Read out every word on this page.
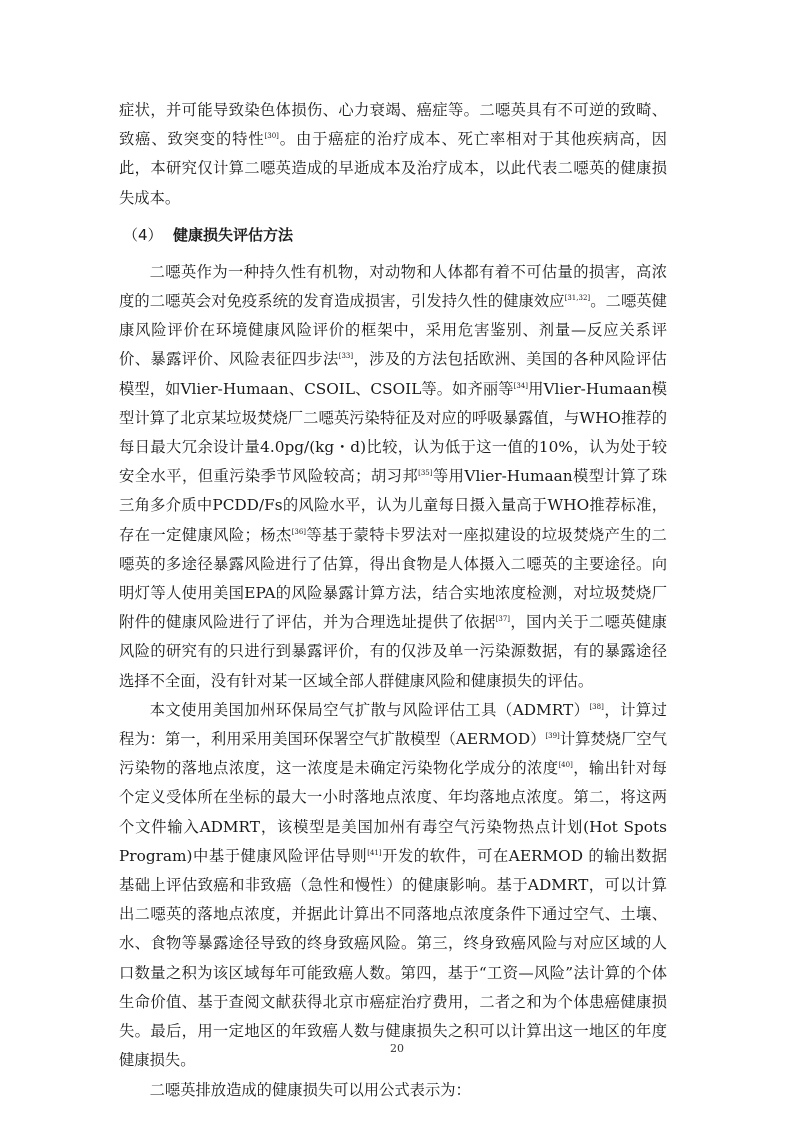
症状，并可能导致染色体损伤、心力衰竭、癌症等。二噁英具有不可逆的致畸、致癌、致突变的特性[30]。由于癌症的治疗成本、死亡率相对于其他疾病高，因此，本研究仅计算二噁英造成的早逝成本及治疗成本，以此代表二噁英的健康损失成本。

（4） 健康损失评估方法

二噁英作为一种持久性有机物，对动物和人体都有着不可估量的损害，高浓度的二噁英会对免疫系统的发育造成损害，引发持久性的健康效应[31,32]。二噁英健康风险评价在环境健康风险评价的框架中，采用危害鉴别、剂量—反应关系评价、暴露评价、风险表征四步法[33]，涉及的方法包括欧洲、美国的各种风险评估模型，如Vlier-Humaan、CSOIL、CSOIL等。如齐丽等[34]用Vlier-Humaan模型计算了北京某垃圾焚烧厂二噁英污染特征及对应的呼吸暴露值，与WHO推荐的每日最大冗余设计量4.0pg/(kg・d)比较，认为低于这一值的10%，认为处于较安全水平，但重污染季节风险较高；胡习邦[35]等用Vlier-Humaan模型计算了珠三角多介质中PCDD/Fs的风险水平，认为儿童每日摄入量高于WHO推荐标准，存在一定健康风险；杨杰[36]等基于蒙特卡罗法对一座拟建设的垃圾焚烧产生的二噁英的多途径暴露风险进行了估算，得出食物是人体摄入二噁英的主要途径。向明灯等人使用美国EPA的风险暴露计算方法，结合实地浓度检测，对垃圾焚烧厂附件的健康风险进行了评估，并为合理选址提供了依据[37]，国内关于二噁英健康风险的研究有的只进行到暴露评价，有的仅涉及单一污染源数据，有的暴露途径选择不全面，没有针对某一区域全部人群健康风险和健康损失的评估。

本文使用美国加州环保局空气扩散与风险评估工具（ADMRT）[38]，计算过程为：第一，利用采用美国环保署空气扩散模型（AERMOD）[39]计算焚烧厂空气污染物的落地点浓度，这一浓度是未确定污染物化学成分的浓度[40]，输出针对每个定义受体所在坐标的最大一小时落地点浓度、年均落地点浓度。第二，将这两个文件输入ADMRT，该模型是美国加州有毒空气污染物热点计划(Hot Spots Program)中基于健康风险评估导则[41]开发的软件，可在AERMOD 的输出数据基础上评估致癌和非致癌（急性和慢性）的健康影响。基于ADMRT，可以计算出二噁英的落地点浓度，并据此计算出不同落地点浓度条件下通过空气、土壤、水、食物等暴露途径导致的终身致癌风险。第三，终身致癌风险与对应区域的人口数量之积为该区域每年可能致癌人数。第四，基于“工资—风险”法计算的个体生命价值、基于查阅文献获得北京市癌症治疗费用，二者之和为个体患癌健康损失。最后，用一定地区的年致癌人数与健康损失之积可以计算出这一地区的年度健康损失。

二噁英排放造成的健康损失可以用公式表示为：

20
